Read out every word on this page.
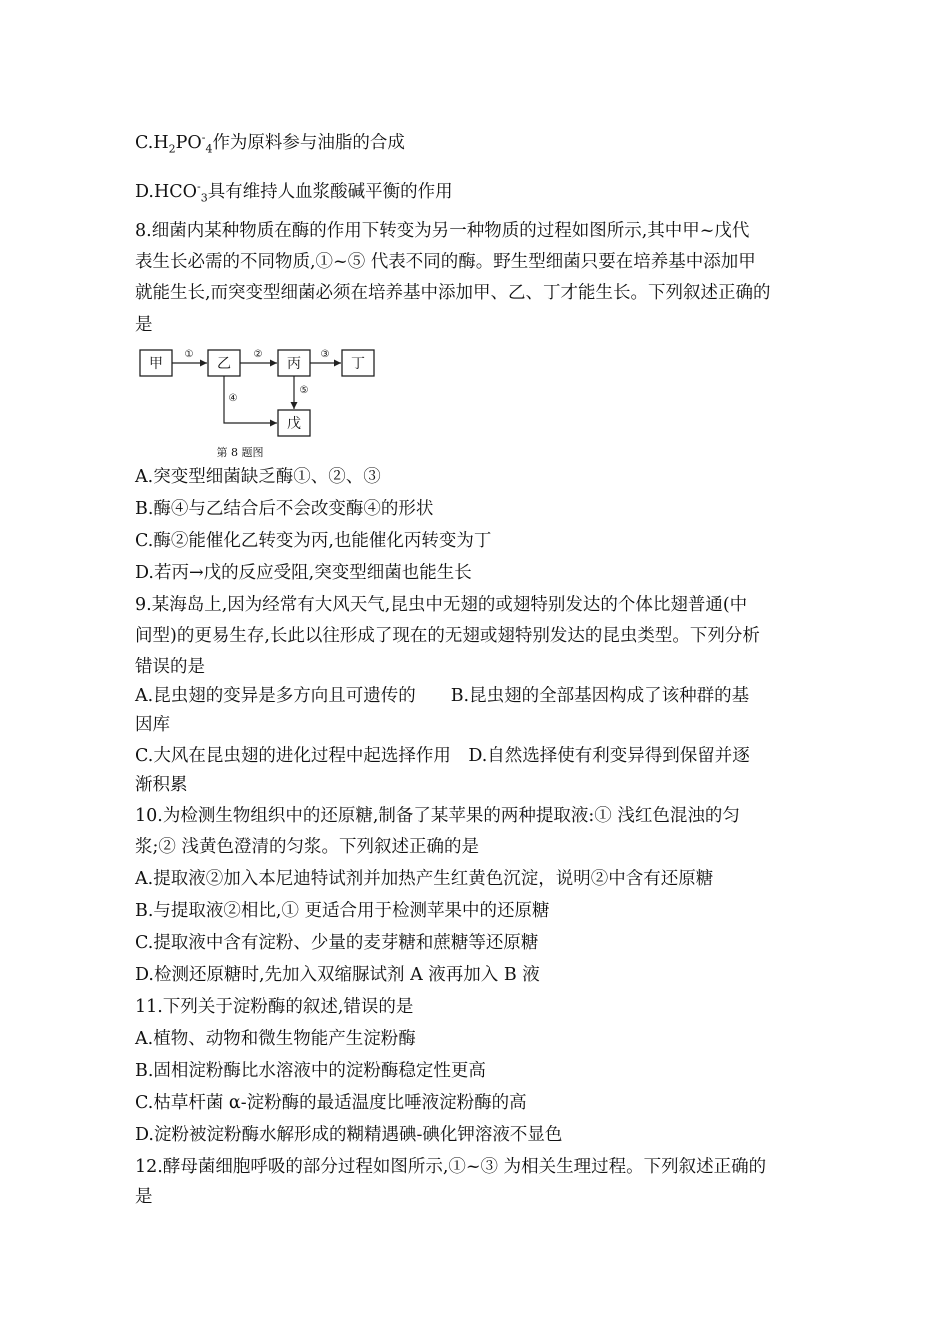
$C.H_2PO^-_4$作为原料参与油脂的合成
$D.HCO^-_3$具有维持人血浆酸碱平衡的作用
8.细菌内某种物质在酶的作用下转变为另一种物质的过程如图所示,其中甲~戊代
表生长必需的不同物质,①~⑤ 代表不同的酶。野生型细菌只要在培养基中添加甲
就能生长,而突变型细菌必须在培养基中添加甲、乙、丁才能生长。下列叙述正确的
是
甲	乙	丙	丁
戊
①	②	③
④
⑤
第 8 题图
A.突变型细菌缺乏酶①、②、③
B.酶④与乙结合后不会改变酶④的形状
C.酶②能催化乙转变为丙,也能催化丙转变为丁
D.若丙→戊的反应受阻,突变型细菌也能生长
9.某海岛上,因为经常有大风天气,昆虫中无翅的或翅特别发达的个体比翅普通(中
间型)的更易生存,长此以往形成了现在的无翅或翅特别发达的昆虫类型。下列分析
错误的是
A.昆虫翅的变异是多方向且可遗传的　　B.昆虫翅的全部基因构成了该种群的基
因库
C.大风在昆虫翅的进化过程中起选择作用　D.自然选择使有利变异得到保留并逐
渐积累
10.为检测生物组织中的还原糖,制备了某苹果的两种提取液:① 浅红色混浊的匀
浆;② 浅黄色澄清的匀浆。下列叙述正确的是
A.提取液②加入本尼迪特试剂并加热产生红黄色沉淀，说明②中含有还原糖
B.与提取液②相比,① 更适合用于检测苹果中的还原糖
C.提取液中含有淀粉、少量的麦芽糖和蔗糖等还原糖
D.检测还原糖时,先加入双缩脲试剂 A 液再加入 B 液
11.下列关于淀粉酶的叙述,错误的是
A.植物、动物和微生物能产生淀粉酶
B.固相淀粉酶比水溶液中的淀粉酶稳定性更高
C.枯草杆菌 α-淀粉酶的最适温度比唾液淀粉酶的高
D.淀粉被淀粉酶水解形成的糊精遇碘-碘化钾溶液不显色
12.酵母菌细胞呼吸的部分过程如图所示,①~③ 为相关生理过程。下列叙述正确的
是
